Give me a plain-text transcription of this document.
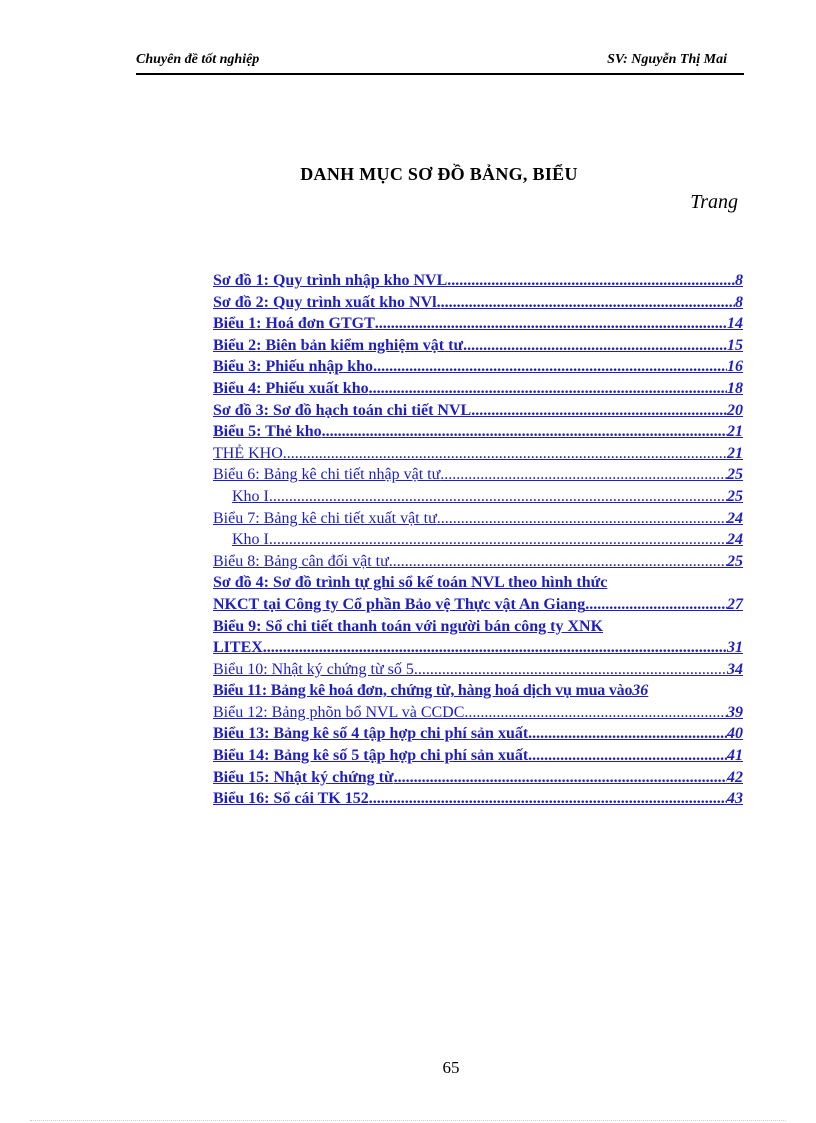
Chuyên đề tốt nghiệp	SV: Nguyễn Thị Mai
DANH MỤC SƠ ĐỒ BẢNG, BIỂU
Trang
Sơ đồ 1: Quy trình nhập kho NVL. .....	8
Sơ đồ 2: Quy trình xuất kho NVl. .....	8
Biểu 1: Hoá đơn GTGT .....	14
Biểu 2: Biên bản kiểm nghiệm vật tư .....	15
Biểu 3: Phiếu nhập kho .....	16
Biểu 4: Phiếu xuất kho .....	18
Sơ đồ 3: Sơ đồ hạch toán chi tiết NVL .....	20
Biểu 5: Thẻ kho .....	21
THẺ KHO .....	21
Biểu 6: Bảng kê chi tiết nhập vật tư .....	25
Kho I .....	25
Biểu 7: Bảng kê chi tiết xuất vật tư .....	24
Kho I .....	24
Biểu 8: Bảng cân đối vật tư .....	25
Sơ đồ 4: Sơ đồ trình tự ghi sổ kế toán NVL theo hình thức
NKCT tại Công ty Cổ phần Bảo vệ Thực vật An Giang .....	27
Biểu 9: Sổ chi tiết thanh toán với người bán công ty XNK
LITEX .....	31
Biểu 10: Nhật ký chứng từ số 5 .....	34
Biểu 11: Bảng kê hoá đơn, chứng từ, hàng hoá dịch vụ mua vào 36
Biểu 12: Bảng phõn bổ NVL và CCDC .....	39
Biểu 13: Bảng kê số 4 tập hợp chi phí sản xuất .....	40
Biểu 14: Bảng kê số 5 tập hợp chi phí sản xuất .....	41
Biểu 15: Nhật ký chứng từ .....	42
Biểu 16: Sổ cái TK 152 .....	43
65
